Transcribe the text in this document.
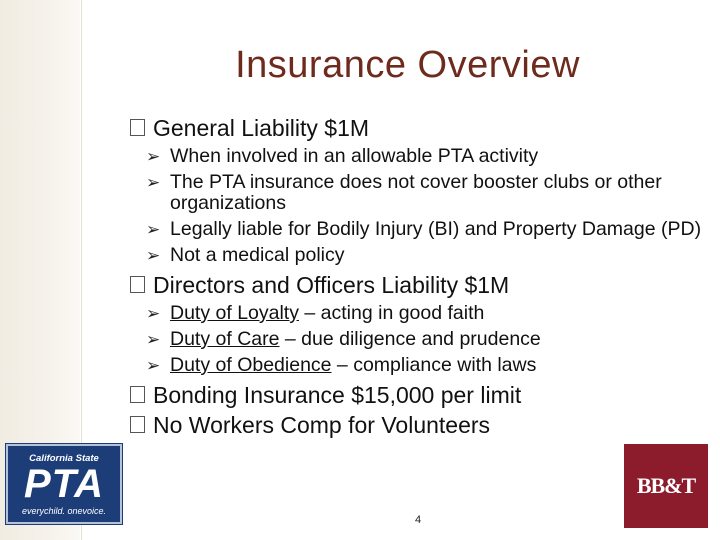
Insurance Overview
General Liability $1M
➢ When involved in an allowable PTA activity
➢ The PTA insurance does not cover booster clubs or other organizations
➢ Legally liable for Bodily Injury (BI) and Property Damage (PD)
➢ Not a medical policy
Directors and Officers Liability $1M
➢ Duty of Loyalty – acting in good faith
➢ Duty of Care – due diligence and prudence
➢ Duty of Obedience – compliance with laws
Bonding Insurance $15,000 per limit
No Workers Comp for Volunteers
California State
PTA
everychild. onevoice.
BB&T
4
